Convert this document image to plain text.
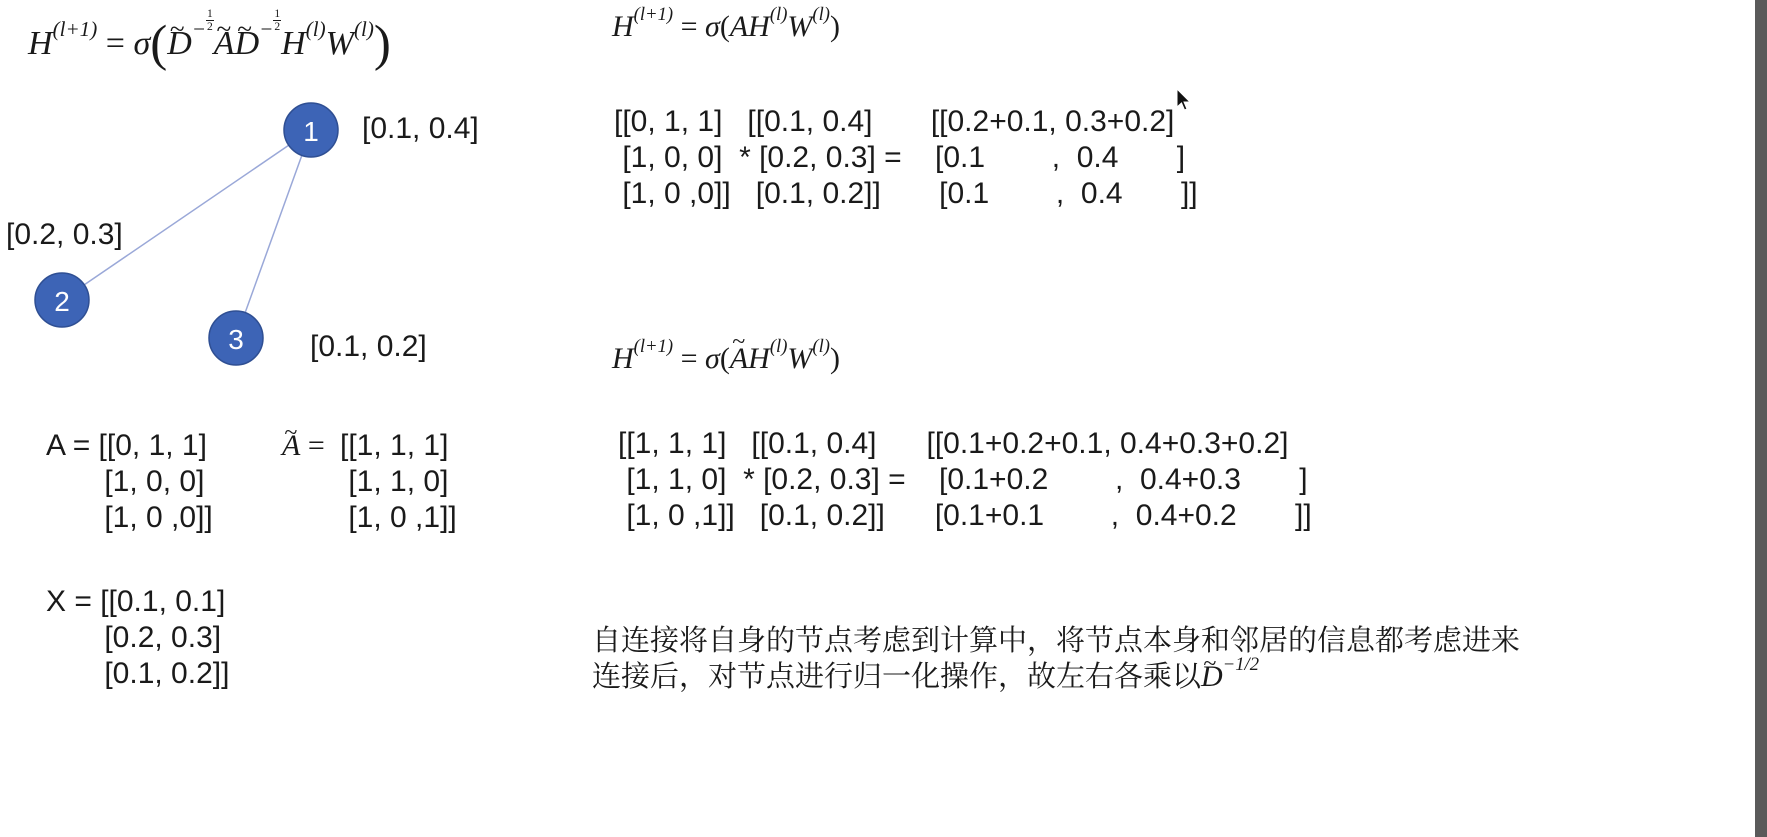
$H^{(l+1)}$ = σ(~ $D^{- \frac{1}{2}}$
~ A~ $D^{- \frac{1}{2}}$
$H^{(l)}W^{(l)}$)	$H^{(l+1)} = \sigma(AH^{(l)}W^{(l)})$
$H^{(l+1)}$ = σ(~ $AH^{(l)}W^{(l)}$)
1
2
3
[0.1, 0.4]
[0.2, 0.3]
[0.1, 0.2]
A = [[0, 1, 1]
[1, 0, 0]
[1, 0 ,0]]
~ A = [[1, 1, 1]
[1, 1, 0]
[1, 0 ,1]]
X = [[0.1, 0.1]
[0.2, 0.3]
[0.1, 0.2]]
[[0, 1, 1]   [[0.1, 0.4]       [[0.2+0.1, 0.3+0.2]
[1, 0, 0]  * [0.2, 0.3] =    [0.1        ,  0.4       ]
[1, 0 ,0]]   [0.1, 0.2]]       [0.1        ,  0.4       ]]
[[1, 1, 1]   [[0.1, 0.4]      [[0.1+0.2+0.1, 0.4+0.3+0.2]
[1, 1, 0]  * [0.2, 0.3] =    [0.1+0.2        ,  0.4+0.3       ]
[1, 0 ,1]]   [0.1, 0.2]]      [0.1+0.1        ,  0.4+0.2       ]]
自连接将自身的节点考虑到计算中，将节点本身和邻居的信息都考虑进来
连接后，对节点进行归一化操作，故左右各乘以~ $D^{-1/2}$
